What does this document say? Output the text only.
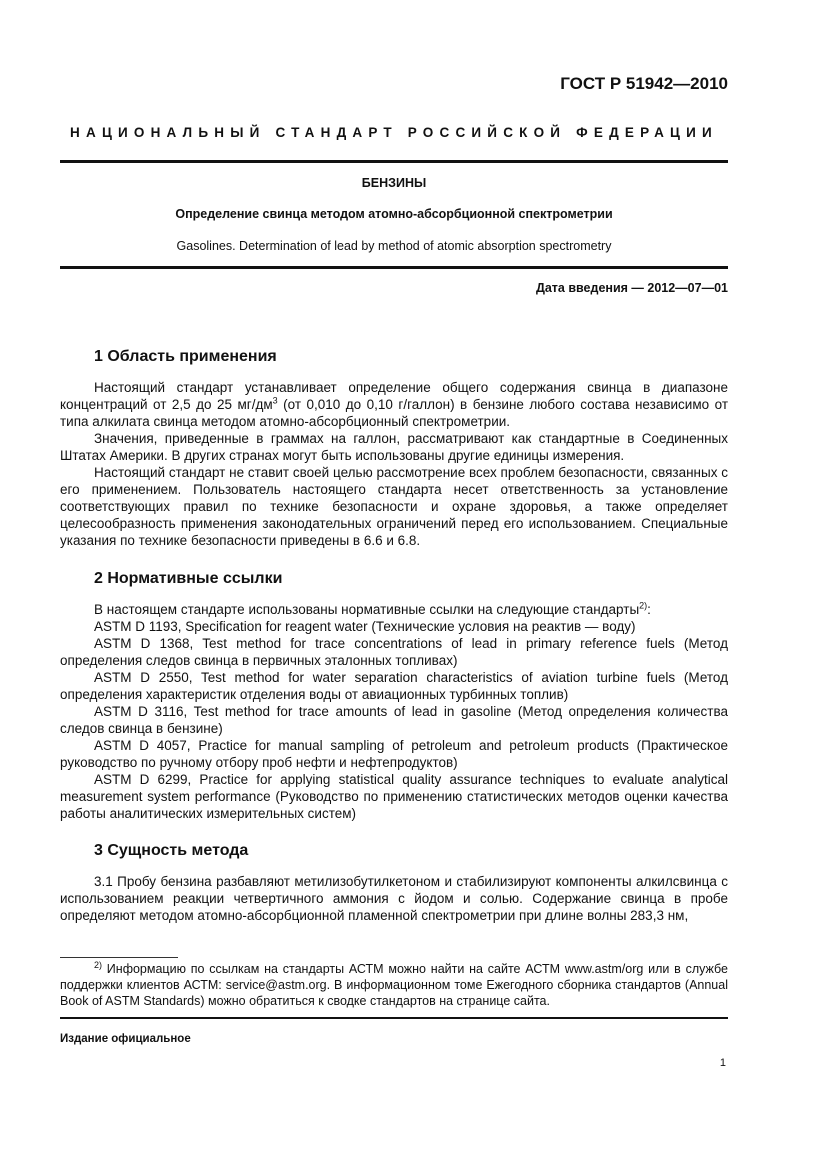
ГОСТ Р 51942—2010
НАЦИОНАЛЬНЫЙ СТАНДАРТ РОССИЙСКОЙ ФЕДЕРАЦИИ
БЕНЗИНЫ
Определение свинца методом атомно-абсорбционной спектрометрии
Gasolines. Determination of lead by method of atomic absorption spectrometry
Дата введения — 2012—07—01
1 Область применения

Настоящий стандарт устанавливает определение общего содержания свинца в диапазоне концентраций от 2,5 до 25 $мг/дм^3$ (от 0,010 до 0,10 г/галлон) в бензине любого состава независимо от типа алкилата свинца методом атомно-абсорбционный спектрометрии.

Значения, приведенные в граммах на галлон, рассматривают как стандартные в Соединенных Штатах Америки. В других странах могут быть использованы другие единицы измерения.

Настоящий стандарт не ставит своей целью рассмотрение всех проблем безопасности, связанных с его применением. Пользователь настоящего стандарта несет ответственность за установление соответствующих правил по технике безопасности и охране здоровья, а также определяет целесообразность применения законодательных ограничений перед его использованием. Специальные указания по технике безопасности приведены в 6.6 и 6.8.

2 Нормативные ссылки

В настоящем стандарте использованы нормативные ссылки на следующие стандарты$^{2)}$:

ASTM D 1193, Specification for reagent water (Технические условия на реактив — воду)

ASTM D 1368, Test method for trace concentrations of lead in primary reference fuels (Метод определения следов свинца в первичных эталонных топливах)

ASTM D 2550, Test method for water separation characteristics of aviation turbine fuels (Метод определения характеристик отделения воды от авиационных турбинных топлив)

ASTM D 3116, Test method for trace amounts of lead in gasoline (Метод определения количества следов свинца в бензине)

ASTM D 4057, Practice for manual sampling of petroleum and petroleum products (Практическое руководство по ручному отбору проб нефти и нефтепродуктов)

ASTM D 6299, Practice for applying statistical quality assurance techniques to evaluate analytical measurement system performance (Руководство по применению статистических методов оценки качества работы аналитических измерительных систем)

3 Сущность метода

3.1 Пробу бензина разбавляют метилизобутилкетоном и стабилизируют компоненты алкилсвинца с использованием реакции четвертичного аммония с йодом и солью. Содержание свинца в пробе определяют методом атомно-абсорбционной пламенной спектрометрии при длине волны 283,3 нм,

$^{2)}$ Информацию по ссылкам на стандарты АСТМ можно найти на сайте АСТМ www.astm/org или в службе поддержки клиентов АСТМ: service@astm.org. В информационном томе Ежегодного сборника стандартов (Annual Book of ASTM Standards) можно обратиться к сводке стандартов на странице сайта.

Издание официальное
1
